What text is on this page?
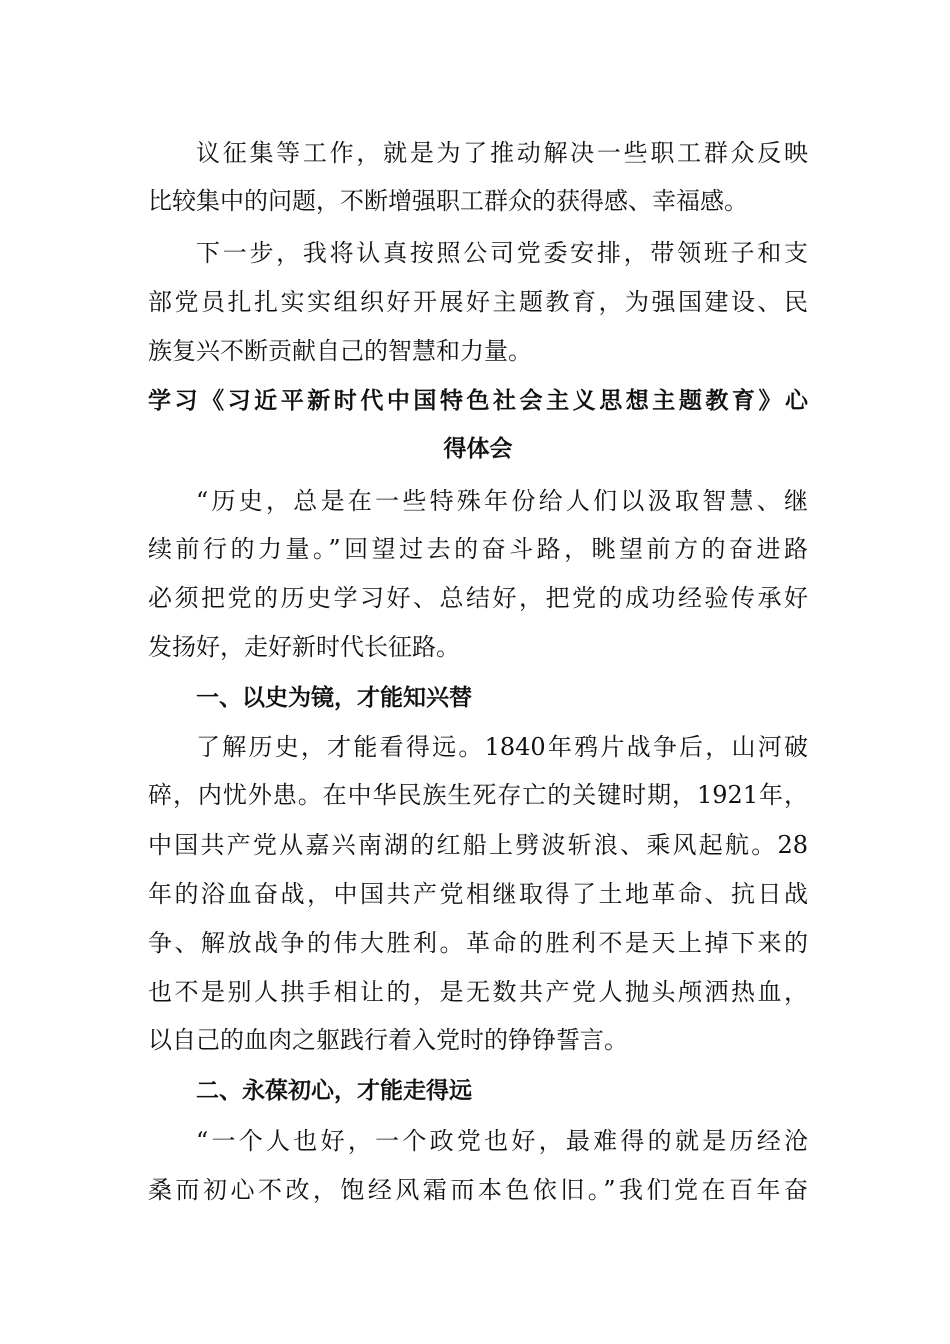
议征集等工作，就是为了推动解决一些职工群众反映
比较集中的问题，不断增强职工群众的获得感、幸福感。
下一步，我将认真按照公司党委安排，带领班子和支
部党员扎扎实实组织好开展好主题教育，为强国建设、民
族复兴不断贡献自己的智慧和力量。
学习《习近平新时代中国特色社会主义思想主题教育》心
得体会
“历史，总是在一些特殊年份给人们以汲取智慧、继
续前行的力量。”回望过去的奋斗路，眺望前方的奋进路
必须把党的历史学习好、总结好，把党的成功经验传承好
发扬好，走好新时代长征路。
一、以史为镜，才能知兴替
了解历史，才能看得远。1840年鸦片战争后，山河破
碎，内忧外患。在中华民族生死存亡的关键时期，1921年，
中国共产党从嘉兴南湖的红船上劈波斩浪、乘风起航。28
年的浴血奋战，中国共产党相继取得了土地革命、抗日战
争、解放战争的伟大胜利。革命的胜利不是天上掉下来的
也不是别人拱手相让的，是无数共产党人抛头颅洒热血，
以自己的血肉之躯践行着入党时的铮铮誓言。
二、永葆初心，才能走得远
“一个人也好，一个政党也好，最难得的就是历经沧
桑而初心不改，饱经风霜而本色依旧。”我们党在百年奋
